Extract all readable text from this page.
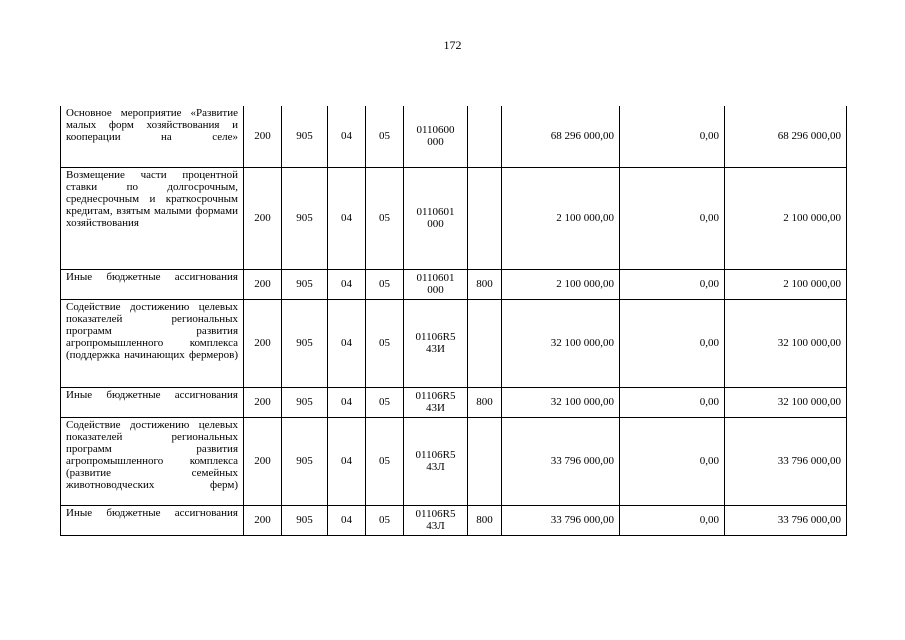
172
Основное мероприятие «Развитие малых форм хозяйствования и кооперации на селе»	200	905	04	05	0110600 000		68 296 000,00	0,00	68 296 000,00
Возмещение части процентной ставки по долгосрочным, среднесрочным и краткосрочным кредитам, взятым малыми формами хозяйствования	200	905	04	05	0110601 000		2 100 000,00	0,00	2 100 000,00
Иные бюджетные ассигнования	200	905	04	05	0110601 000	800	2 100 000,00	0,00	2 100 000,00
Содействие достижению целевых показателей региональных программ развития агропромышленного комплекса (поддержка начинающих фермеров)	200	905	04	05	01106R5 43И		32 100 000,00	0,00	32 100 000,00
Иные бюджетные ассигнования	200	905	04	05	01106R5 43И	800	32 100 000,00	0,00	32 100 000,00
Содействие достижению целевых показателей региональных программ развития агропромышленного комплекса (развитие семейных животноводческих ферм)	200	905	04	05	01106R5 43Л		33 796 000,00	0,00	33 796 000,00
Иные бюджетные ассигнования	200	905	04	05	01106R5 43Л	800	33 796 000,00	0,00	33 796 000,00
